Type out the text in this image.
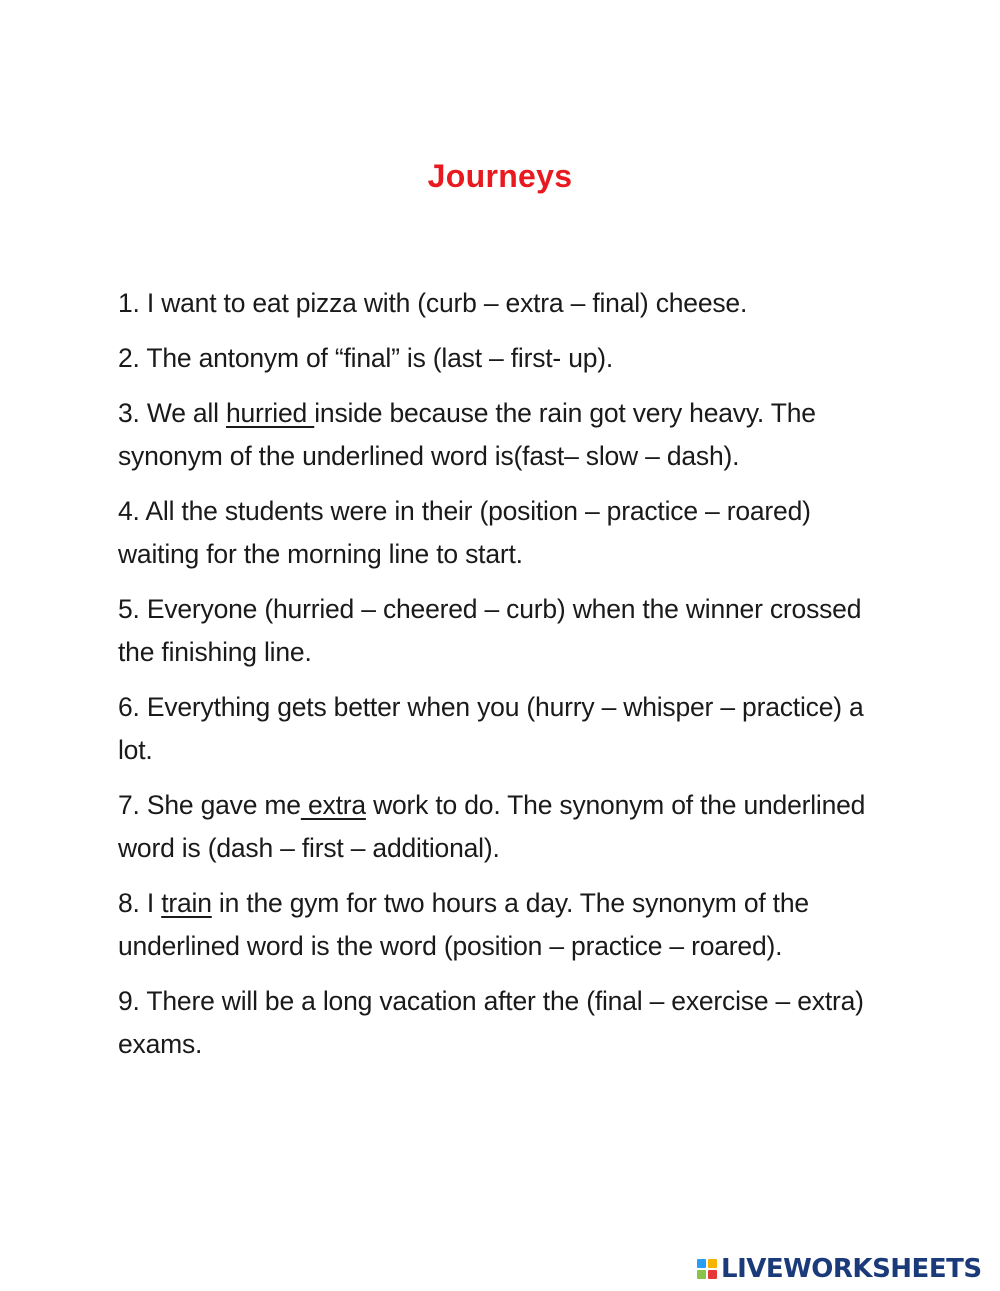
Journeys

1. I want to eat pizza with (curb – extra – final) cheese.

2. The antonym of “final” is (last – first- up).

3. We all hurried inside because the rain got very heavy. The synonym of the underlined word is(fast– slow – dash).

4. All the students were in their (position – practice – roared) waiting for the morning line to start.

5. Everyone (hurried – cheered – curb) when the winner crossed the finishing line.

6. Everything gets better when you (hurry – whisper – practice) a lot.

7. She gave me extra work to do. The synonym of the underlined word is (dash – first – additional).

8. I train in the gym for two hours a day. The synonym of the underlined word is the word (position – practice – roared).

9. There will be a long vacation after the (final – exercise – extra) exams.

LIVEWORKSHEETS
